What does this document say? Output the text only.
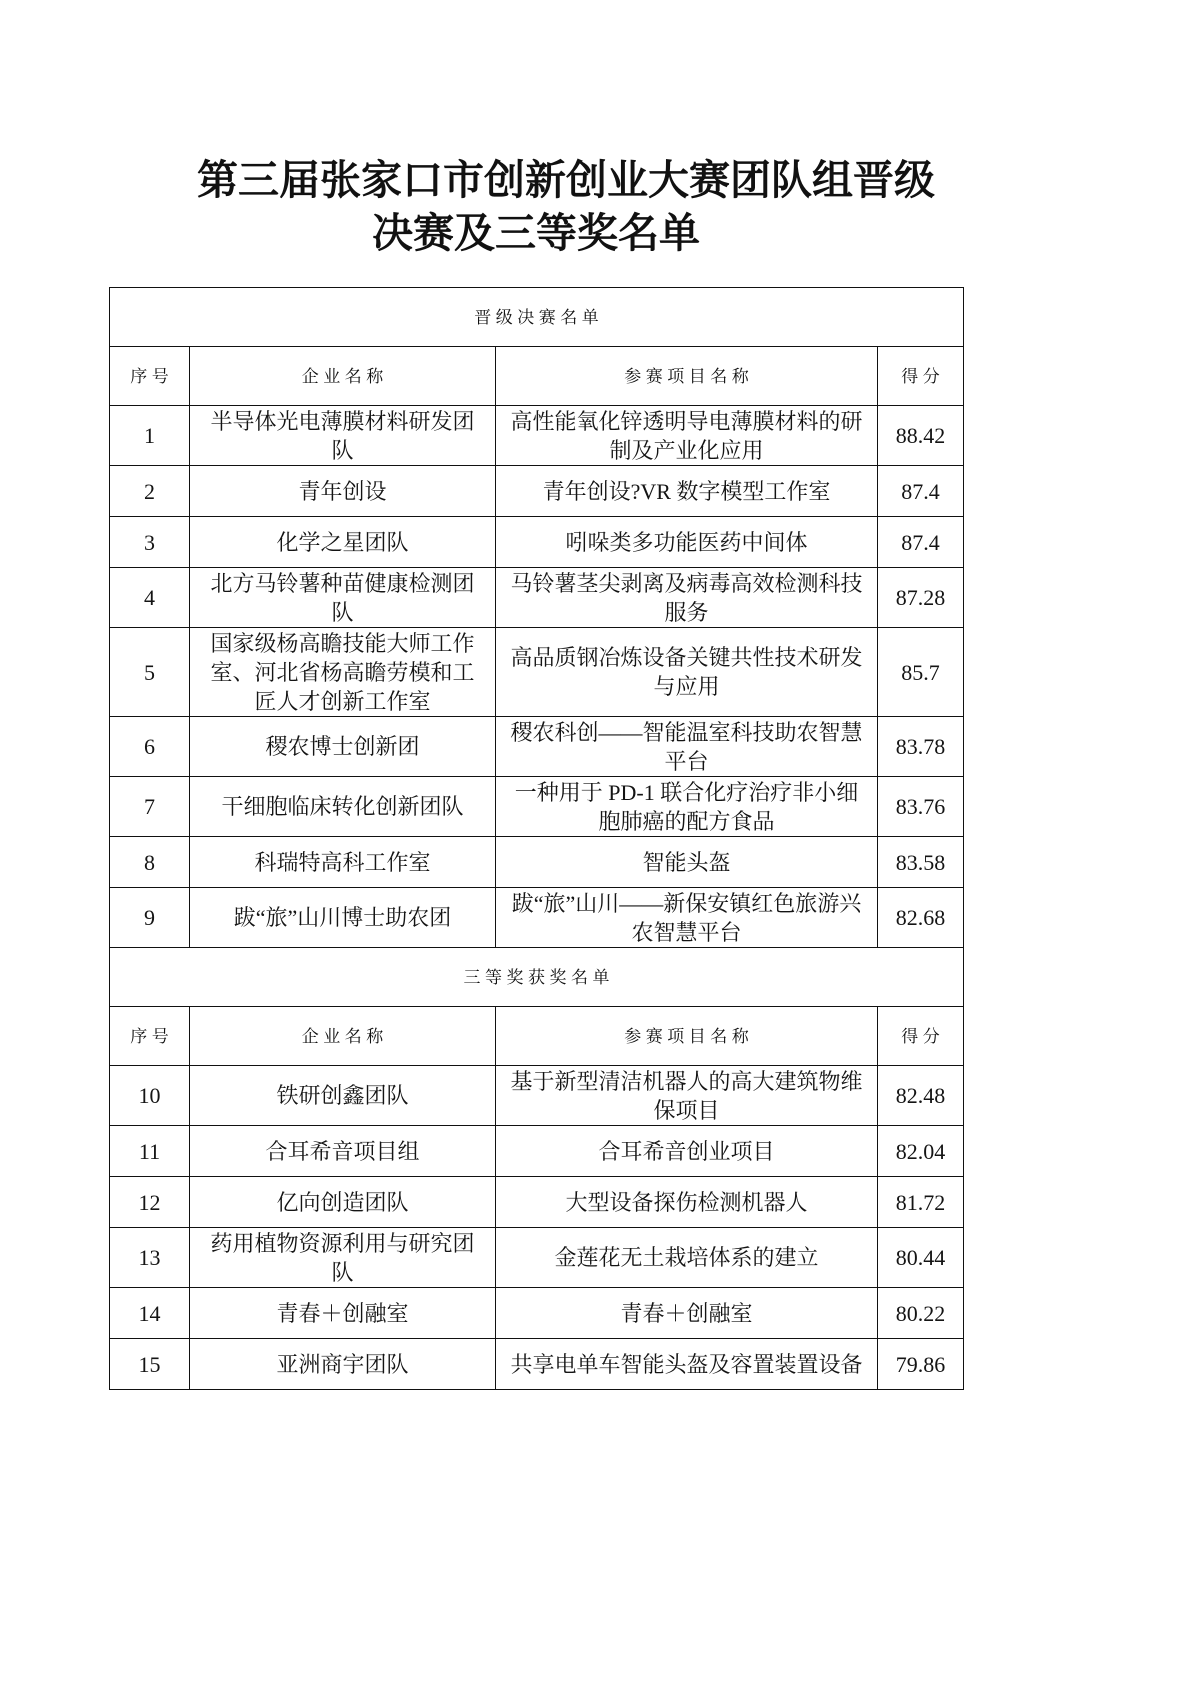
第三届张家口市创新创业大赛团队组晋级
决赛及三等奖名单
晋级决赛名单			
序号	企业名称	参赛项目名称	得分
1	半导体光电薄膜材料研发团队	高性能氧化锌透明导电薄膜材料的研制及产业化应用	88.42
2	青年创设	青年创设?VR 数字模型工作室	87.4
3	化学之星团队	吲哚类多功能医药中间体	87.4
4	北方马铃薯种苗健康检测团队	马铃薯茎尖剥离及病毒高效检测科技服务	87.28
5	国家级杨高瞻技能大师工作室、河北省杨高瞻劳模和工匠人才创新工作室	高品质钢冶炼设备关键共性技术研发与应用	85.7
6	稷农博士创新团	稷农科创——智能温室科技助农智慧平台	83.78
7	干细胞临床转化创新团队	一种用于 PD-1 联合化疗治疗非小细胞肺癌的配方食品	83.76
8	科瑞特高科工作室	智能头盔	83.58
9	跋“旅”山川博士助农团	跋“旅”山川——新保安镇红色旅游兴农智慧平台	82.68
三等奖获奖名单			
序号	企业名称	参赛项目名称	得分
10	铁研创鑫团队	基于新型清洁机器人的高大建筑物维保项目	82.48
11	合耳希音项目组	合耳希音创业项目	82.04
12	亿向创造团队	大型设备探伤检测机器人	81.72
13	药用植物资源利用与研究团队	金莲花无土栽培体系的建立	80.44
14	青春＋创融室	青春＋创融室	80.22
15	亚洲商宇团队	共享电单车智能头盔及容置装置设备	79.86
